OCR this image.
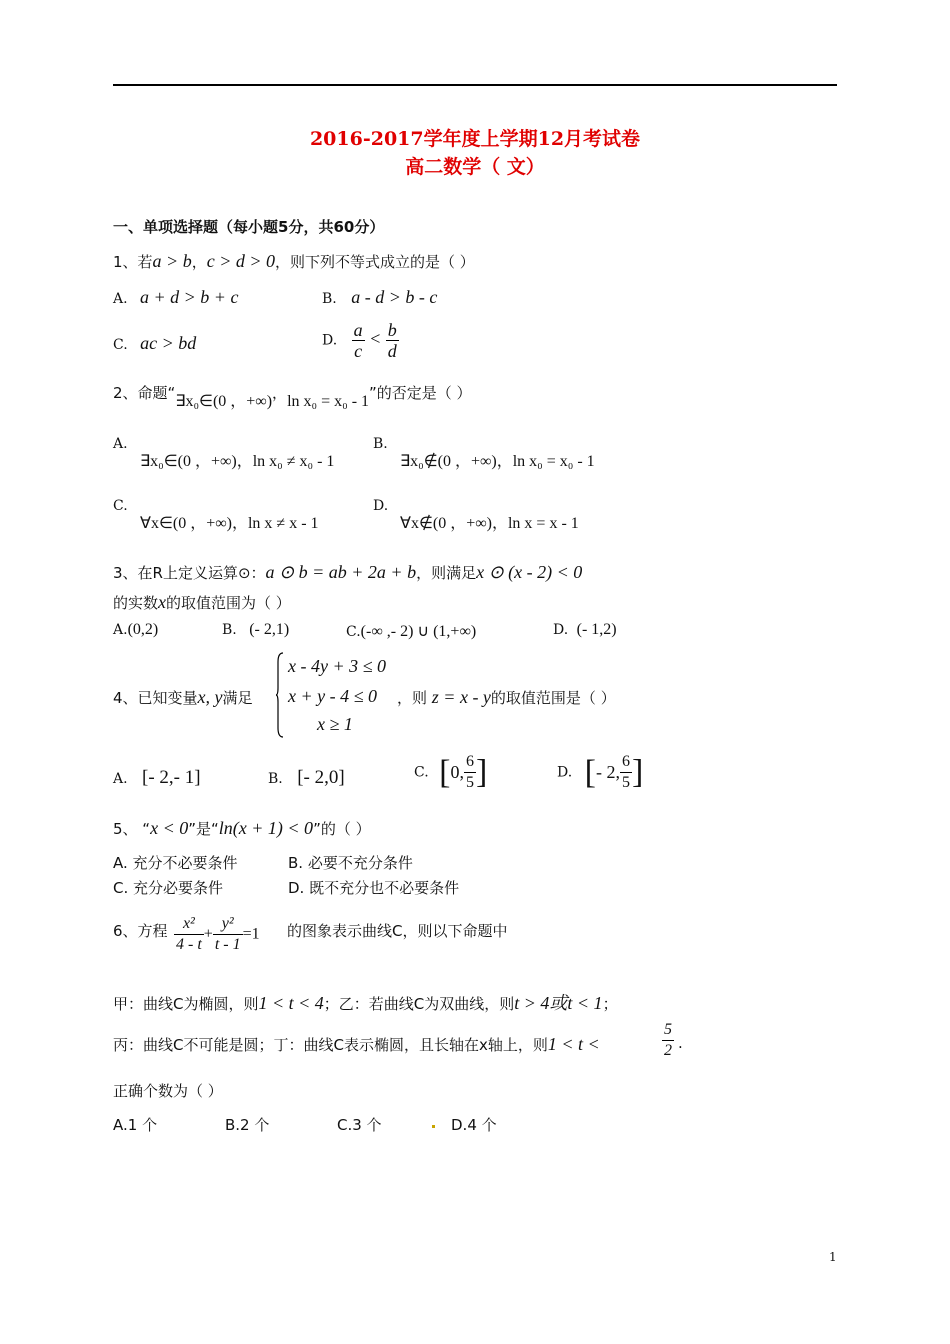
2016-2017学年度上学期12月考试卷
高二数学（ 文）
一、单项选择题（每小题5分，共60分）
1、若a > b，c > d > 0，则下列不等式成立的是（ ）
A. a + d > b + c	B. a - d > b - c
C. ac > bd	D. $\frac{a}{c} < \frac{b}{d}$
2、命题“∃x₀∈(0 ，+∞)，ln x₀ = x₀ - 1”的否定是（ ）
A.
∃x₀∈(0 ，+∞)，ln x₀ ≠ x₀ - 1
B.
∃x₀∉(0 ，+∞)，ln x₀ = x₀ - 1
C.
∀x∈(0 ，+∞)，ln x ≠ x - 1
D.
∀x∉(0 ，+∞)，ln x = x - 1
3、在R上定义运算⊙：a ⊙ b = ab + 2a + b，则满足x ⊙ (x - 2) < 0
的实数x的取值范围为（ ）
A.(0,2)	B. (- 2,1)	C.(-∞ ,- 2) ∪ (1,+∞)	D. (- 1,2)
4、已知变量x, y满足
x - 4y + 3 ≤ 0
x + y - 4 ≤ 0
x ≥ 1
，则 z = x - y的取值范围是（ ）
A. [- 2,- 1]	B. [- 2,0]	C. [0, $\frac{6}{5}$ ]	D. [- 2, $\frac{6}{5}$ ]
5、 “x < 0”是“ln(x + 1) < 0”的（ ）
A. 充分不必要条件	B. 必要不充分条件
C. 充分必要条件	D. 既不充分也不必要条件
6、方程 $\frac{\text{x²}}{4 - t} + \frac{\text{y²}}{t - 1} =1$ 的图象表示曲线C，则以下命题中
甲：曲线C为椭圆，则1 < t < 4；乙：若曲线C为双曲线，则t > 4或t < 1；
丙：曲线C不可能是圆；丁：曲线C表示椭圆，且长轴在x轴上，则1 < t <	$\frac{5}{2}$ .
正确个数为（ ）
A.1 个	B.2 个	C.3 个	D.4 个
1
